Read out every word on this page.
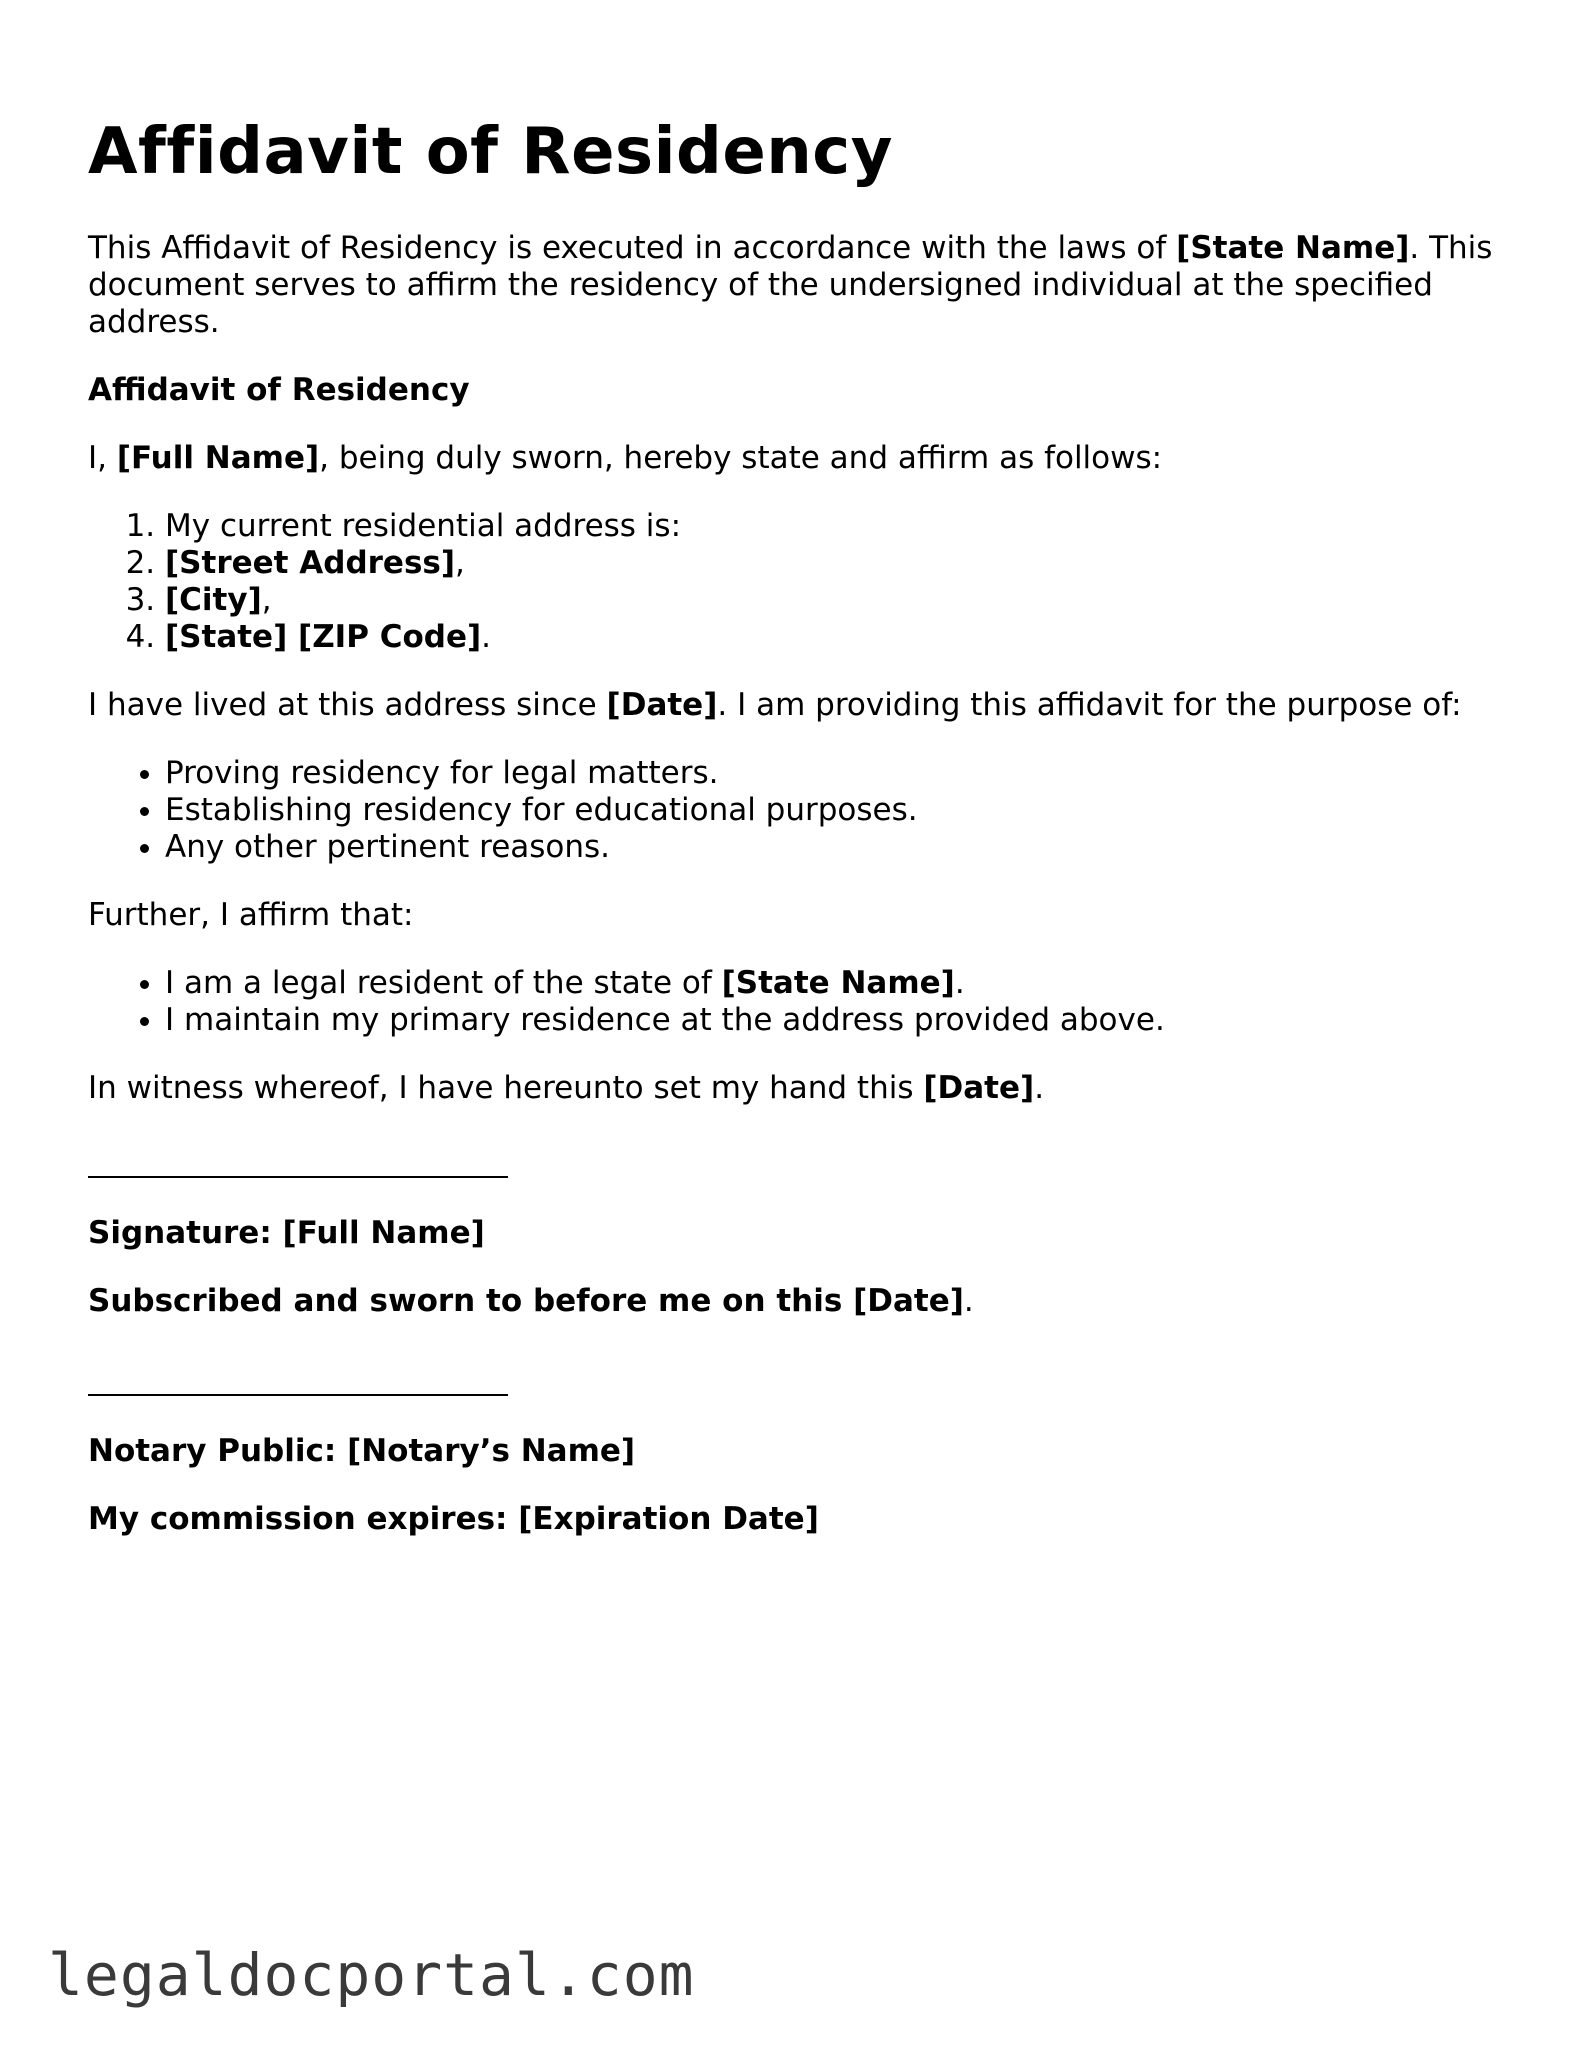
Affidavit of Residency

This Affidavit of Residency is executed in accordance with the laws of [State Name]. This document serves to affirm the residency of the undersigned individual at the specified address.

Affidavit of Residency

I, [Full Name], being duly sworn, hereby state and affirm as follows:

1. My current residential address is:
2. [Street Address],
3. [City],
4. [State] [ZIP Code].

I have lived at this address since [Date]. I am providing this affidavit for the purpose of:

• Proving residency for legal matters.
• Establishing residency for educational purposes.
• Any other pertinent reasons.

Further, I affirm that:

• I am a legal resident of the state of [State Name].
• I maintain my primary residence at the address provided above.

In witness whereof, I have hereunto set my hand this [Date].

Signature: [Full Name]

Subscribed and sworn to before me on this [Date].

Notary Public: [Notary’s Name]

My commission expires: [Expiration Date]

legaldocportal.com
